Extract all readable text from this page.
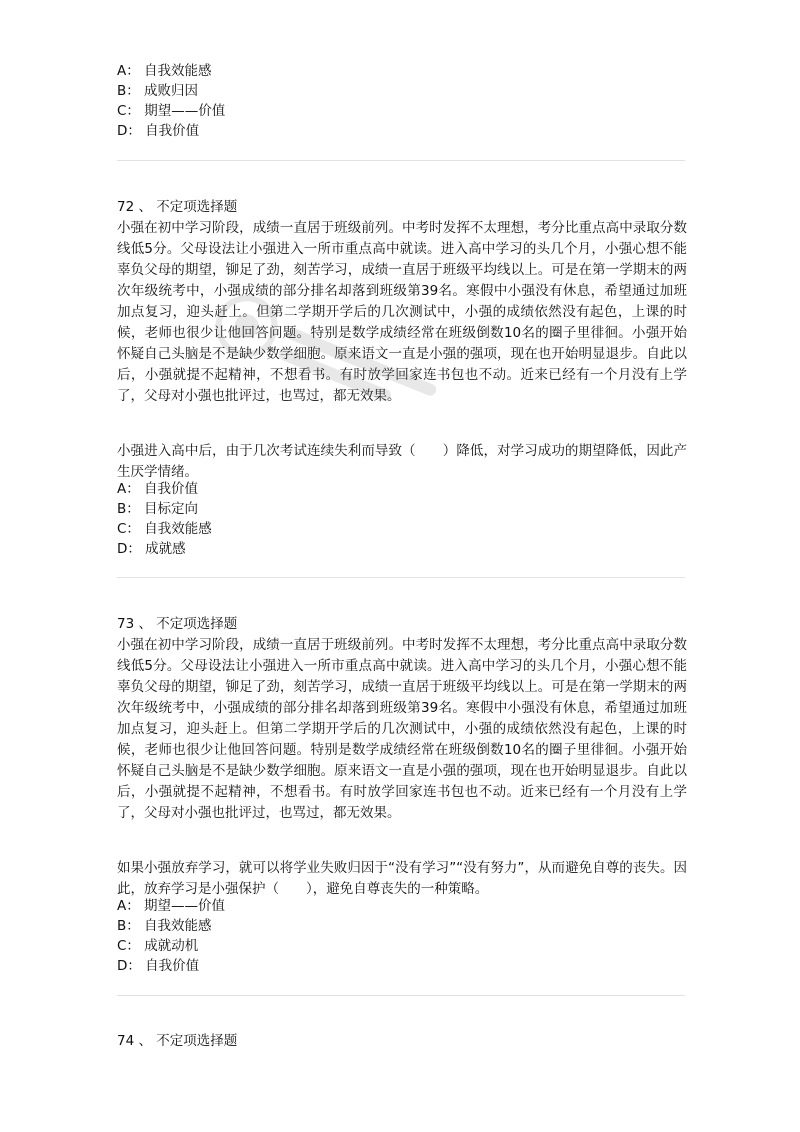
A： 自我效能感
B： 成败归因
C： 期望——价值
D： 自我价值
72 、 不定项选择题
小强在初中学习阶段，成绩一直居于班级前列。中考时发挥不太理想，考分比重点高中录取分数线低5分。父母设法让小强进入一所市重点高中就读。进入高中学习的头几个月，小强心想不能辜负父母的期望，铆足了劲，刻苦学习，成绩一直居于班级平均线以上。可是在第一学期末的两次年级统考中，小强成绩的部分排名却落到班级第39名。寒假中小强没有休息，希望通过加班加点复习，迎头赶上。但第二学期开学后的几次测试中，小强的成绩依然没有起色，上课的时候，老师也很少让他回答问题。特别是数学成绩经常在班级倒数10名的圈子里徘徊。小强开始怀疑自己头脑是不是缺少数学细胞。原来语文一直是小强的强项，现在也开始明显退步。自此以后，小强就提不起精神，不想看书。有时放学回家连书包也不动。近来已经有一个月没有上学了，父母对小强也批评过，也骂过，都无效果。
小强进入高中后，由于几次考试连续失利而导致（　　）降低，对学习成功的期望降低，因此产生厌学情绪。
A： 自我价值
B： 目标定向
C： 自我效能感
D： 成就感
73 、 不定项选择题
小强在初中学习阶段，成绩一直居于班级前列。中考时发挥不太理想，考分比重点高中录取分数线低5分。父母设法让小强进入一所市重点高中就读。进入高中学习的头几个月，小强心想不能辜负父母的期望，铆足了劲，刻苦学习，成绩一直居于班级平均线以上。可是在第一学期末的两次年级统考中，小强成绩的部分排名却落到班级第39名。寒假中小强没有休息，希望通过加班加点复习，迎头赶上。但第二学期开学后的几次测试中，小强的成绩依然没有起色，上课的时候，老师也很少让他回答问题。特别是数学成绩经常在班级倒数10名的圈子里徘徊。小强开始怀疑自己头脑是不是缺少数学细胞。原来语文一直是小强的强项，现在也开始明显退步。自此以后，小强就提不起精神，不想看书。有时放学回家连书包也不动。近来已经有一个月没有上学了，父母对小强也批评过，也骂过，都无效果。
如果小强放弃学习，就可以将学业失败归因于“没有学习”“没有努力”，从而避免自尊的丧失。因此，放弃学习是小强保护（　　），避免自尊丧失的一种策略。
A： 期望——价值
B： 自我效能感
C： 成就动机
D： 自我价值
74 、 不定项选择题
